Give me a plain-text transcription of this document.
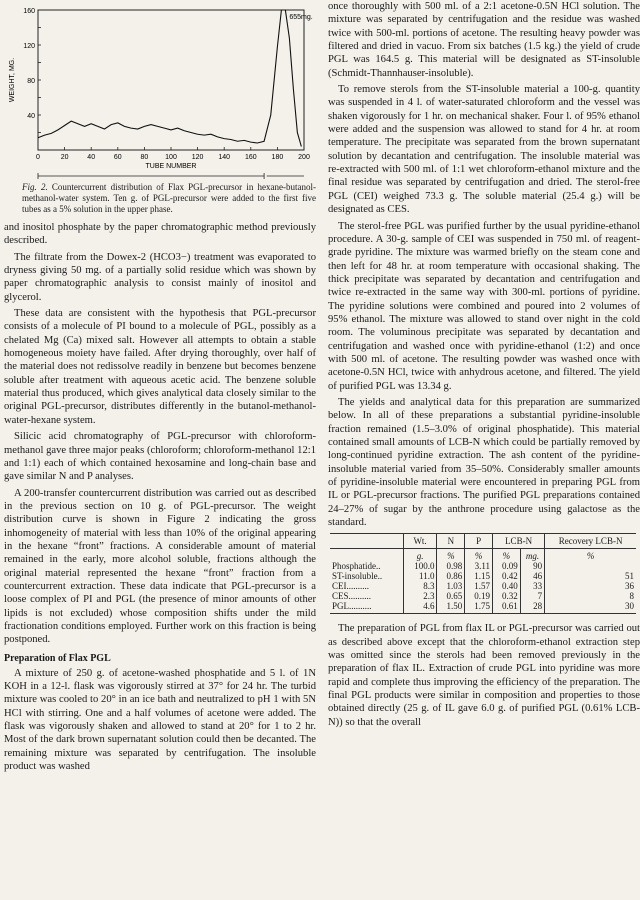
40
80
120
160
0	20	40	60	80 100 120 140 160 180 200
TUBE NUMBER
WEIGHT, MG.
655mg.

Fig. 2. Countercurrent distribution of Flax PGL-precursor in hexane-butanol-methanol-water system. Ten g. of PGL-precursor were added to the first five tubes as a 5% solution in the upper phase.

and inositol phosphate by the paper chromatographic method previously described.

The filtrate from the Dowex-2 (HCO3−) treatment was evaporated to dryness giving 50 mg. of a partially solid residue which was shown by paper chromatographic analysis to consist mainly of inositol and glycerol.

These data are consistent with the hypothesis that PGL-precursor consists of a molecule of PI bound to a molecule of PGL, possibly as a chelated Mg (Ca) mixed salt. However all attempts to obtain a stable homogeneous moiety have failed. After drying thoroughly, over half of the material does not redissolve readily in benzene but becomes benzene soluble after treatment with aqueous acetic acid. The benzene soluble material thus produced, which gives analytical data closely similar to the original PGL-precursor, distributes differently in the butanol-methanol-water-hexane system.

Silicic acid chromatography of PGL-precursor with chloroform-methanol gave three major peaks (chloroform; chloroform-methanol 12:1 and 1:1) each of which contained hexosamine and long-chain base and gave similar N and P analyses.

A 200-transfer countercurrent distribution was carried out as described in the previous section on 10 g. of PGL-precursor. The weight distribution curve is shown in Figure 2 indicating the gross inhomogeneity of material with less than 10% of the original appearing in the hexane “front” fractions. A considerable amount of material remained in the early, more alcohol soluble, fractions although the original material represented the hexane “front” fraction from a countercurrent extraction. These data indicate that PGL-precursor is a loose complex of PI and PGL (the presence of minor amounts of other lipids is not excluded) whose composition shifts under the mild fractionation conditions employed. Further work on this fraction is being postponed.

Preparation of Flax PGL

A mixture of 250 g. of acetone-washed phosphatide and 5 l. of 1N KOH in a 12-l. flask was vigorously stirred at 37° for 24 hr. The turbid mixture was cooled to 20° in an ice bath and neutralized to pH 1 with 5N HCl with stirring. One and a half volumes of acetone were added. The flask was vigorously shaken and allowed to stand at 20° for 1 to 2 hr. Most of the dark brown supernatant solution could then be decanted. The remaining mixture was separated by centrifugation. The insoluble product was washed

once thoroughly with 500 ml. of a 2:1 acetone-0.5N HCl solution. The mixture was separated by centrifugation and the residue was washed twice with 500-ml. portions of acetone. The resulting heavy powder was filtered and dried in vacuo. From six batches (1.5 kg.) the yield of crude PGL was 164.5 g. This material will be designated as ST-insoluble (Schmidt-Thannhauser-insoluble).

To remove sterols from the ST-insoluble material a 100-g. quantity was suspended in 4 l. of water-saturated chloroform and the vessel was shaken vigorously for 1 hr. on mechanical shaker. Four l. of 95% ethanol were added and the suspension was allowed to stand for 4 hr. at room temperature. The precipitate was separated from the brown supernatant solution by decantation and centrifugation. The insoluble material was re-extracted with 500 ml. of 1:1 wet chloroform-ethanol mixture and the final residue was separated by centrifugation and dried. The sterol-free PGL (CEI) weighed 73.3 g. The soluble material (25.4 g.) will be designated as CES.

The sterol-free PGL was purified further by the usual pyridine-ethanol procedure. A 30-g. sample of CEI was suspended in 750 ml. of reagent-grade pyridine. The mixture was warmed briefly on the steam cone and then left for 48 hr. at room temperature with occasional shaking. The thick precipitate was separated by decantation and centrifugation and twice re-extracted in the same way with 300-ml. portions of pyridine. The pyridine solutions were combined and poured into 2 volumes of 95% ethanol. The mixture was allowed to stand over night in the cold room. The voluminous precipitate was separated by decantation and centrifugation and washed once with pyridine-ethanol (1:2) and once with 500 ml. of acetone. The resulting powder was washed once with acetone-0.5N HCl, twice with anhydrous acetone, and filtered. The yield of purified PGL was 13.34 g.

The yields and analytical data for this preparation are summarized below. In all of these preparations a substantial pyridine-insoluble fraction remained (1.5–3.0% of original phosphatide). This material contained small amounts of LCB-N which could be partially removed by long-continued pyridine extraction. The ash content of the pyridine-insoluble material varied from 35–50%. Considerably smaller amounts of pyridine-insoluble material were encountered in preparing PGL from IL or PGL-precursor fractions. The purified PGL preparations contained 24–27% of sugar by the anthrone procedure using galactose as the standard.

	Wt.	N	P	LCB-N		Recovery LCB-N
	g.	%	%	%	mg.	%
Phosphatide..	100.0	0.98	3.11	0.09	90	
ST-insoluble..	11.0	0.86	1.15	0.42	46	51
CEI..........	8.3	1.03	1.57	0.40	33	36
CES..........	2.3	0.65	0.19	0.32	7	8
PGL..........	4.6	1.50	1.75	0.61	28	30

The preparation of PGL from flax IL or PGL-precursor was carried out as described above except that the chloroform-ethanol extraction step was omitted since the sterols had been removed previously in the preparation of flax IL. Extraction of crude PGL into pyridine was more rapid and complete thus improving the efficiency of the preparation. The final PGL products were similar in composition and properties to those obtained directly (25 g. of IL gave 6.0 g. of purified PGL (0.61% LCB-N)) so that the overall
